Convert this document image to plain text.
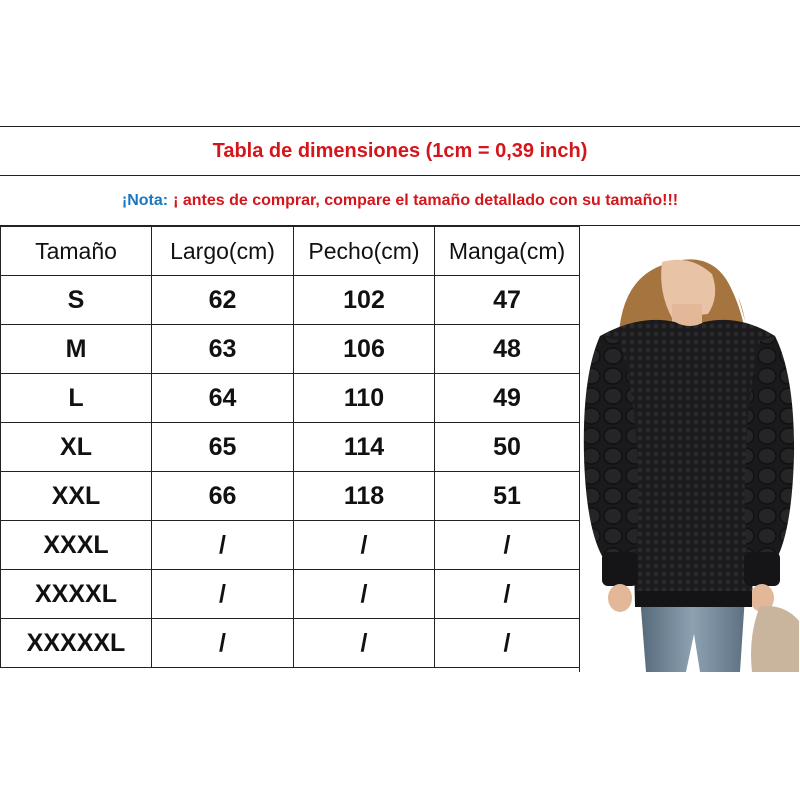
Tabla de dimensiones (1cm = 0,39 inch)
¡Nota: ¡ antes de comprar, compare el tamaño detallado con su tamaño!!!
Tamaño	Largo(cm)	Pecho(cm)	Manga(cm)
S	62	102	47
M	63	106	48
L	64	110	49
XL	65	114	50
XXL	66	118	51
XXXL	/	/	/
XXXXL	/	/	/
XXXXXL	/	/	/
